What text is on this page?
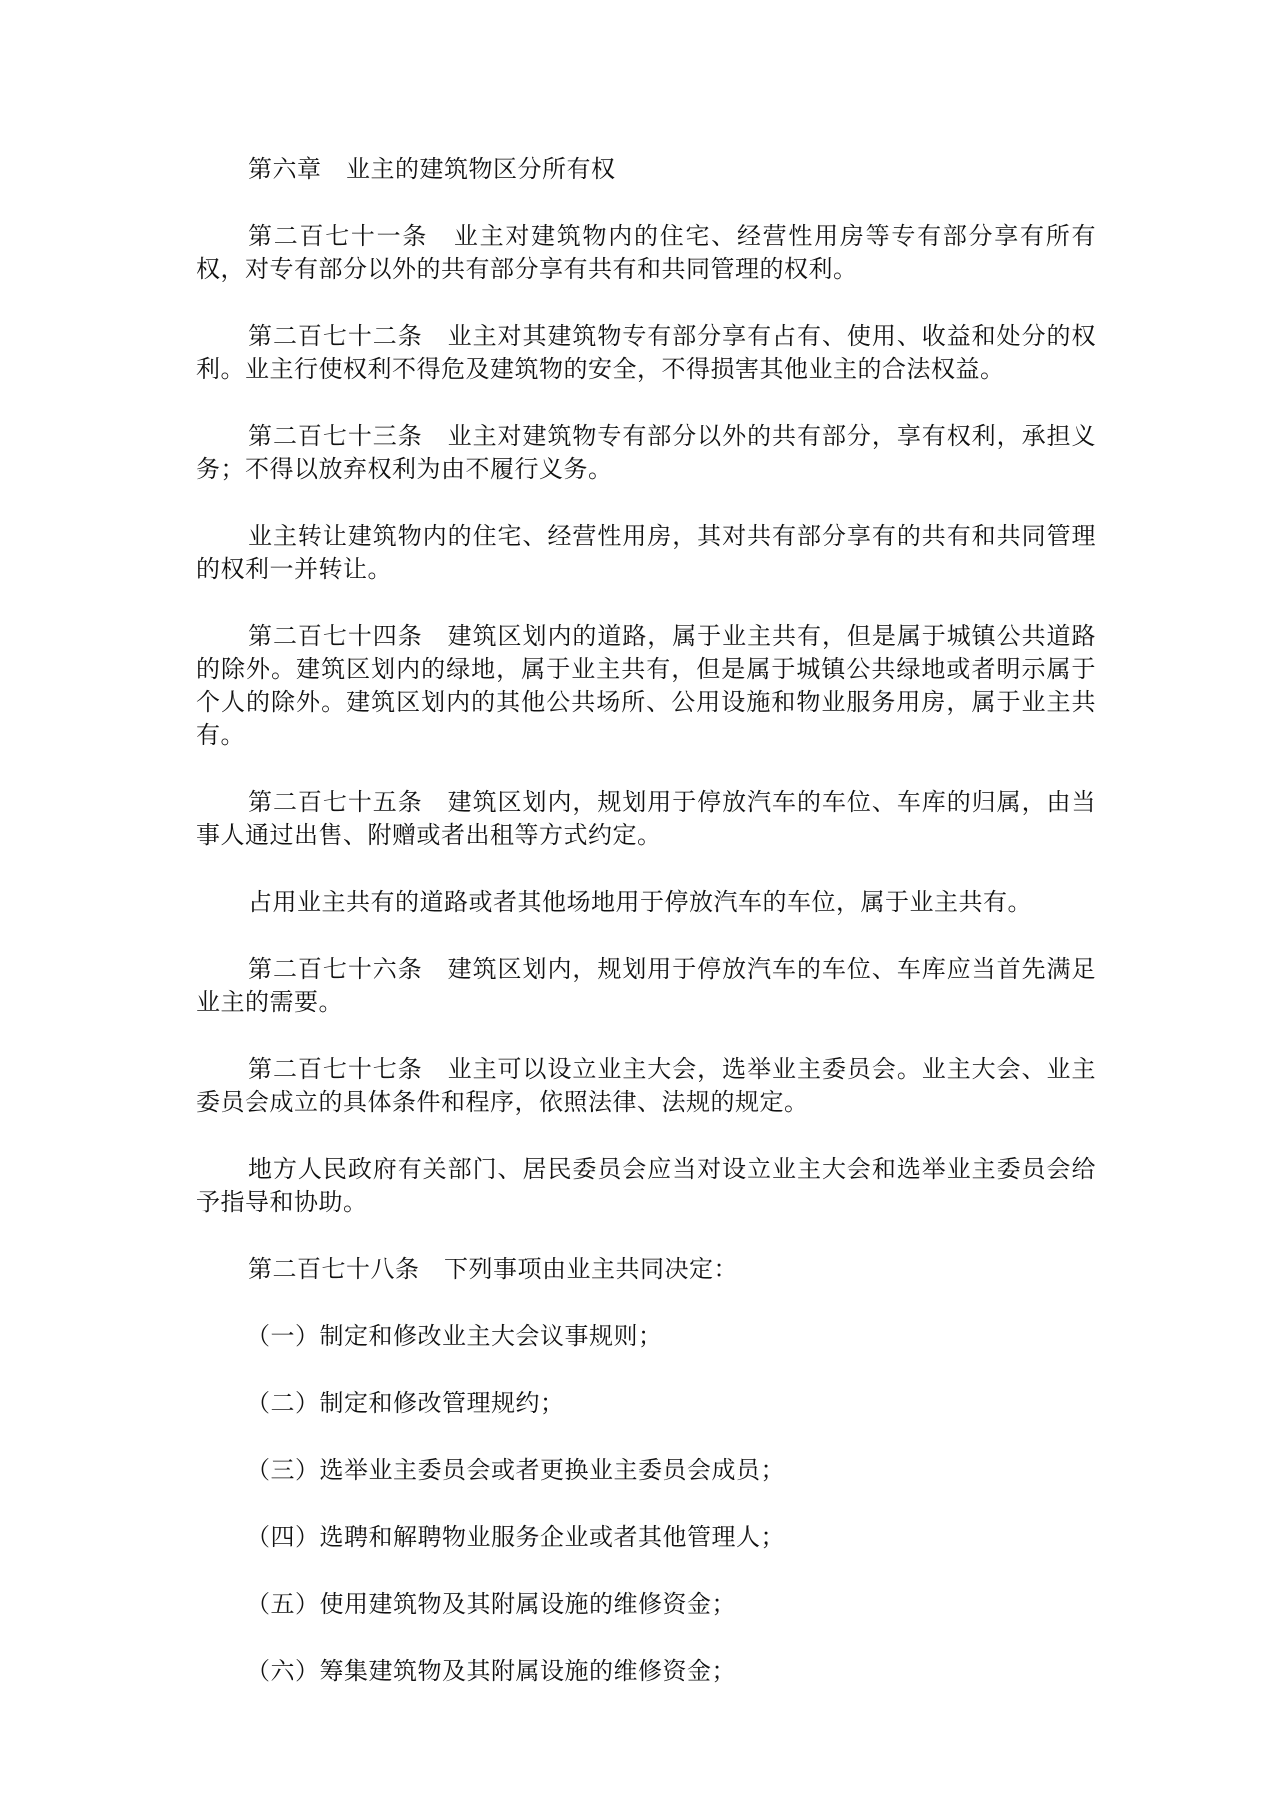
第六章　业主的建筑物区分所有权

第二百七十一条　业主对建筑物内的住宅、经营性用房等专有部分享有所有权，对专有部分以外的共有部分享有共有和共同管理的权利。

第二百七十二条　业主对其建筑物专有部分享有占有、使用、收益和处分的权利。业主行使权利不得危及建筑物的安全，不得损害其他业主的合法权益。

第二百七十三条　业主对建筑物专有部分以外的共有部分，享有权利，承担义务；不得以放弃权利为由不履行义务。

业主转让建筑物内的住宅、经营性用房，其对共有部分享有的共有和共同管理的权利一并转让。

第二百七十四条　建筑区划内的道路，属于业主共有，但是属于城镇公共道路的除外。建筑区划内的绿地，属于业主共有，但是属于城镇公共绿地或者明示属于个人的除外。建筑区划内的其他公共场所、公用设施和物业服务用房，属于业主共有。

第二百七十五条　建筑区划内，规划用于停放汽车的车位、车库的归属，由当事人通过出售、附赠或者出租等方式约定。

占用业主共有的道路或者其他场地用于停放汽车的车位，属于业主共有。

第二百七十六条　建筑区划内，规划用于停放汽车的车位、车库应当首先满足业主的需要。

第二百七十七条　业主可以设立业主大会，选举业主委员会。业主大会、业主委员会成立的具体条件和程序，依照法律、法规的规定。

地方人民政府有关部门、居民委员会应当对设立业主大会和选举业主委员会给予指导和协助。

第二百七十八条　下列事项由业主共同决定：

（一）制定和修改业主大会议事规则；

（二）制定和修改管理规约；

（三）选举业主委员会或者更换业主委员会成员；

（四）选聘和解聘物业服务企业或者其他管理人；

（五）使用建筑物及其附属设施的维修资金；

（六）筹集建筑物及其附属设施的维修资金；
